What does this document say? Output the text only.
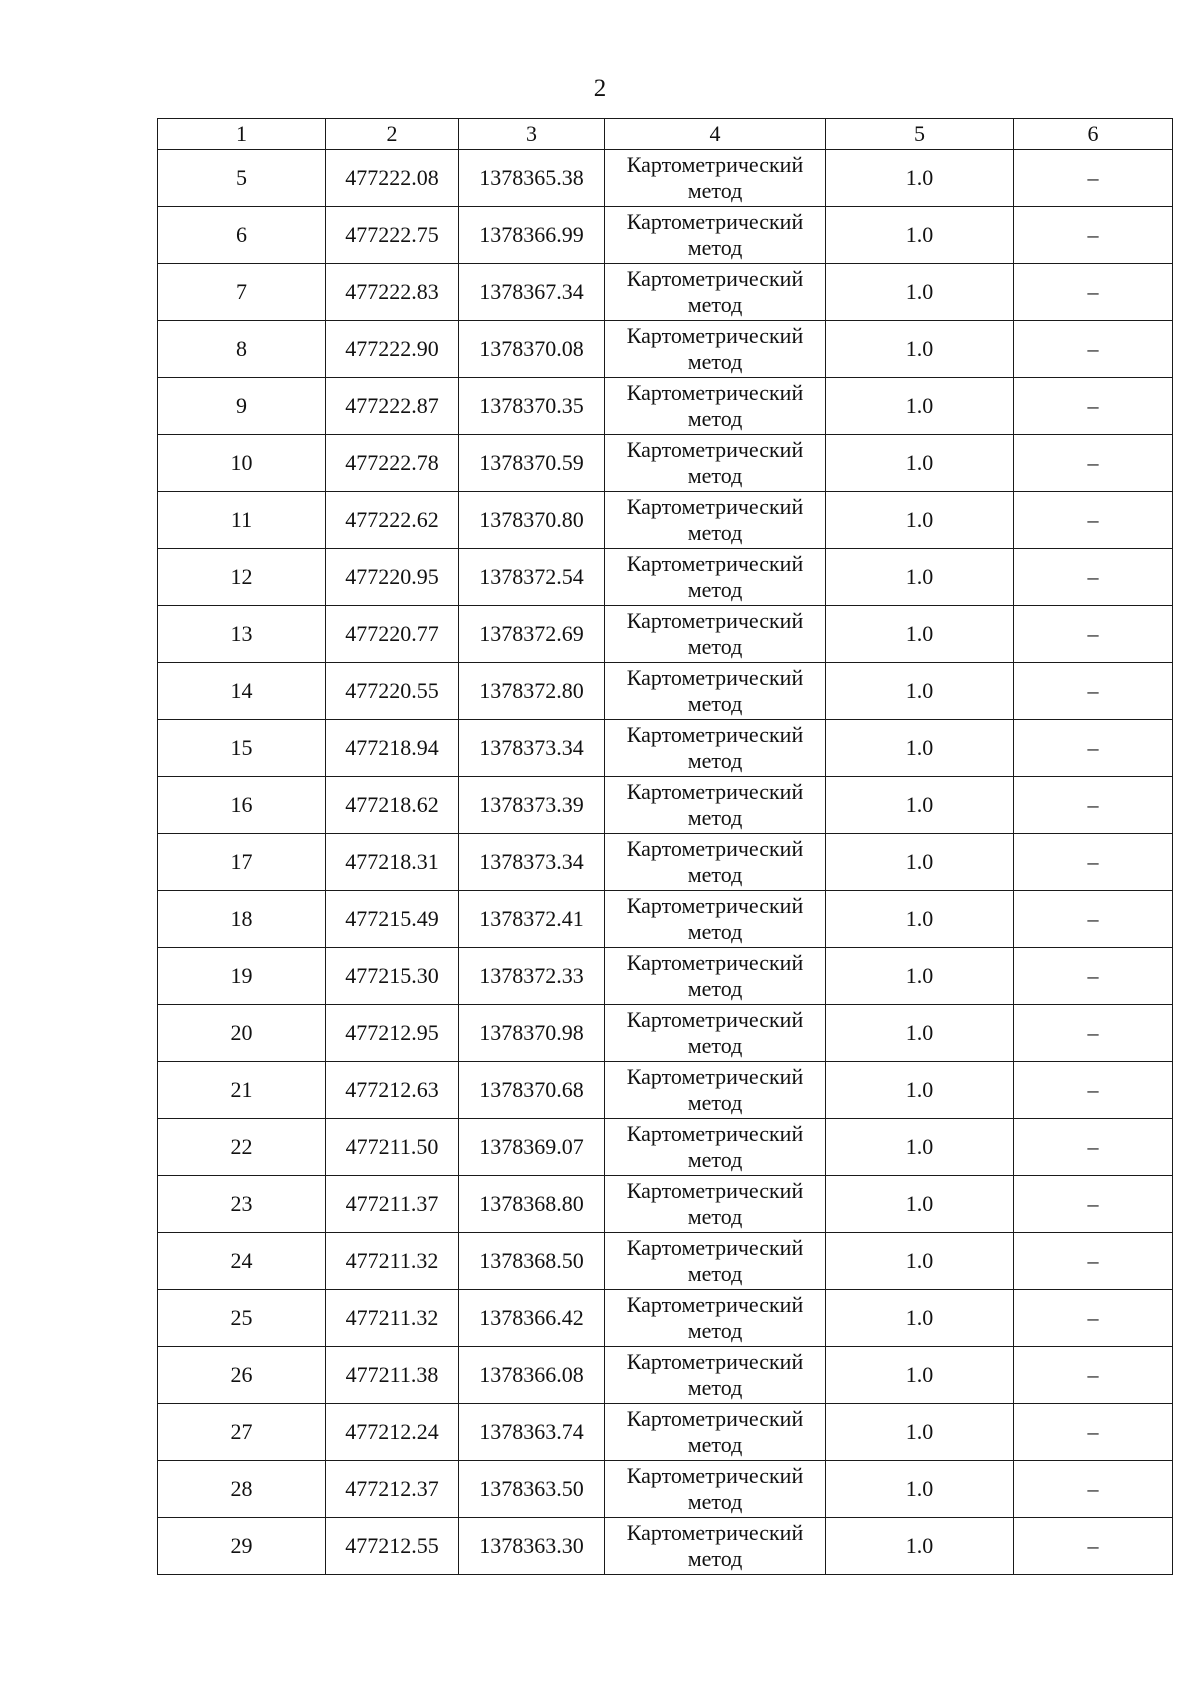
2
1	2	3	4	5	6
5	477222.08	1378365.38	Картометрический метод	1.0	–
6	477222.75	1378366.99	Картометрический метод	1.0	–
7	477222.83	1378367.34	Картометрический метод	1.0	–
8	477222.90	1378370.08	Картометрический метод	1.0	–
9	477222.87	1378370.35	Картометрический метод	1.0	–
10	477222.78	1378370.59	Картометрический метод	1.0	–
11	477222.62	1378370.80	Картометрический метод	1.0	–
12	477220.95	1378372.54	Картометрический метод	1.0	–
13	477220.77	1378372.69	Картометрический метод	1.0	–
14	477220.55	1378372.80	Картометрический метод	1.0	–
15	477218.94	1378373.34	Картометрический метод	1.0	–
16	477218.62	1378373.39	Картометрический метод	1.0	–
17	477218.31	1378373.34	Картометрический метод	1.0	–
18	477215.49	1378372.41	Картометрический метод	1.0	–
19	477215.30	1378372.33	Картометрический метод	1.0	–
20	477212.95	1378370.98	Картометрический метод	1.0	–
21	477212.63	1378370.68	Картометрический метод	1.0	–
22	477211.50	1378369.07	Картометрический метод	1.0	–
23	477211.37	1378368.80	Картометрический метод	1.0	–
24	477211.32	1378368.50	Картометрический метод	1.0	–
25	477211.32	1378366.42	Картометрический метод	1.0	–
26	477211.38	1378366.08	Картометрический метод	1.0	–
27	477212.24	1378363.74	Картометрический метод	1.0	–
28	477212.37	1378363.50	Картометрический метод	1.0	–
29	477212.55	1378363.30	Картометрический метод	1.0	–
